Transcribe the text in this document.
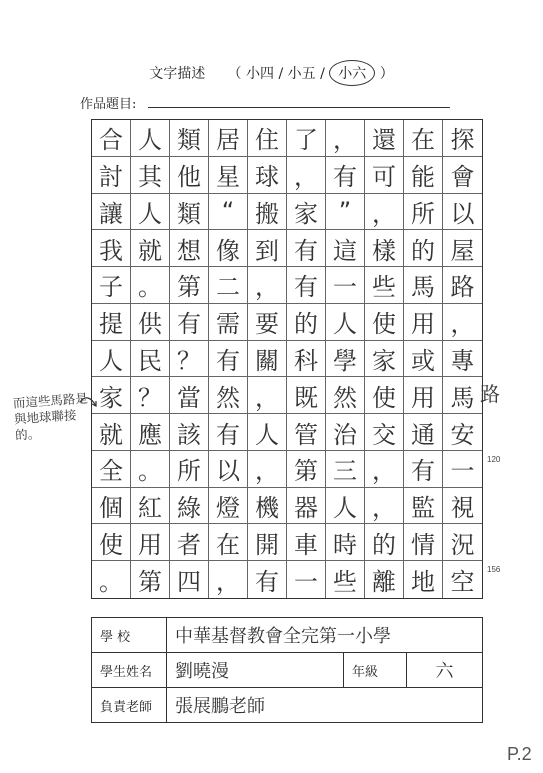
文字描述 （ 小四 / 小五 / 小六 ）
作品題目:
合 人 類 居 住 了 ， 還 在 探
討 其 他 星 球 ， 有 可 能 會
讓 人 類 “ 搬 家 ” ， 所 以
我 就 想 像 到 有 這 樣 的 屋
子 。 第 二 ， 有 一 些 馬 路
提 供 有 需 要 的 人 使 用 ，
人 民 ？ 有 關 科 學 家 或 專
家 ？ 當 然 ， 既 然 使 用 馬
就 應 該 有 人 管 治 交 通 安
全 。 所 以 ， 第 三 ， 有 一
個 紅 綠 燈 機 器 人 ， 監 視
使 用 者 在 開 車 時 的 情 況
。 第 四 ， 有 一 些 離 地 空
120
156
而這些馬路是與地球聯接的。
路
學 校	中華基督教會全完第一小學		
學生姓名	劉曉漫	年級	六
負責老師	張展鵬老師		
P.2
